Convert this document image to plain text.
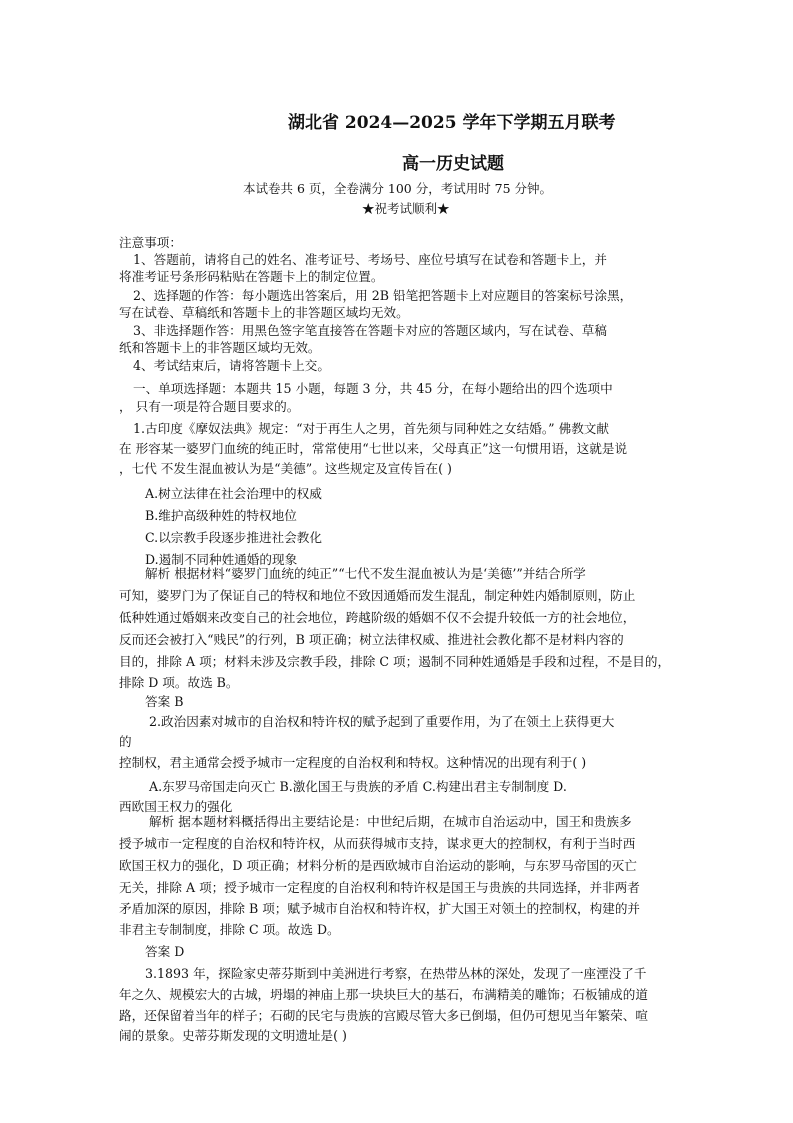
湖北省 2024—2025 学年下学期五月联考
高一历史试题
本试卷共 6 页，全卷满分 100 分，考试用时 75 分钟。
★祝考试顺利★
注意事项：
1、答题前，请将自己的姓名、准考证号、考场号、座位号填写在试卷和答题卡上，并
将准考证号条形码粘贴在答题卡上的制定位置。
2、选择题的作答：每小题选出答案后，用 2B 铅笔把答题卡上对应题目的答案标号涂黑，
写在试卷、草稿纸和答题卡上的非答题区域均无效。
3、非选择题作答：用黑色签字笔直接答在答题卡对应的答题区域内，写在试卷、草稿
纸和答题卡上的非答题区域均无效。
4、考试结束后，请将答题卡上交。
一、单项选择题：本题共 15 小题，每题 3 分，共 45 分，在每小题给出的四个选项中
， 只有一项是符合题目要求的。
1.古印度《摩奴法典》规定：“对于再生人之男，首先须与同种姓之女结婚。” 佛教文献
在 形容某一婆罗门血统的纯正时，常常使用“七世以来，父母真正”这一句惯用语，这就是说
，七代 不发生混血被认为是“美德”。这些规定及宣传旨在( )
A.树立法律在社会治理中的权威
B.维护高级种姓的特权地位
C.以宗教手段逐步推进社会教化
D.遏制不同种姓通婚的现象
解析 根据材料“婆罗门血统的纯正”“七代不发生混血被认为是‘美德’”并结合所学
可知，婆罗门为了保证自己的特权和地位不致因通婚而发生混乱，制定种姓内婚制原则，防止
低种姓通过婚姻来改变自己的社会地位，跨越阶级的婚姻不仅不会提升较低一方的社会地位，
反而还会被打入“贱民”的行列，B 项正确；树立法律权威、推进社会教化都不是材料内容的
目的，排除 A 项；材料未涉及宗教手段，排除 C 项；遏制不同种姓通婚是手段和过程，不是目的，
排除 D 项。故选 B。
答案 B
2.政治因素对城市的自治权和特许权的赋予起到了重要作用，为了在领土上获得更大
的
控制权，君主通常会授予城市一定程度的自治权利和特权。这种情况的出现有利于( )
A.东罗马帝国走向灭亡 B.激化国王与贵族的矛盾 C.构建出君主专制制度 D.
西欧国王权力的强化
解析 据本题材料概括得出主要结论是：中世纪后期，在城市自治运动中，国王和贵族多
授予城市一定程度的自治权和特许权，从而获得城市支持，谋求更大的控制权，有利于当时西
欧国王权力的强化，D 项正确；材料分析的是西欧城市自治运动的影响，与东罗马帝国的灭亡
无关，排除 A 项；授予城市一定程度的自治权利和特许权是国王与贵族的共同选择，并非两者
矛盾加深的原因，排除 B 项；赋予城市自治权和特许权，扩大国王对领土的控制权，构建的并
非君主专制制度，排除 C 项。故选 D。
答案 D
3.1893 年，探险家史蒂芬斯到中美洲进行考察，在热带丛林的深处，发现了一座湮没了千
年之久、规模宏大的古城，坍塌的神庙上那一块块巨大的基石，布满精美的雕饰；石板铺成的道
路，还保留着当年的样子；石砌的民宅与贵族的宫殿尽管大多已倒塌，但仍可想见当年繁荣、喧
闹的景象。史蒂芬斯发现的文明遗址是( )
